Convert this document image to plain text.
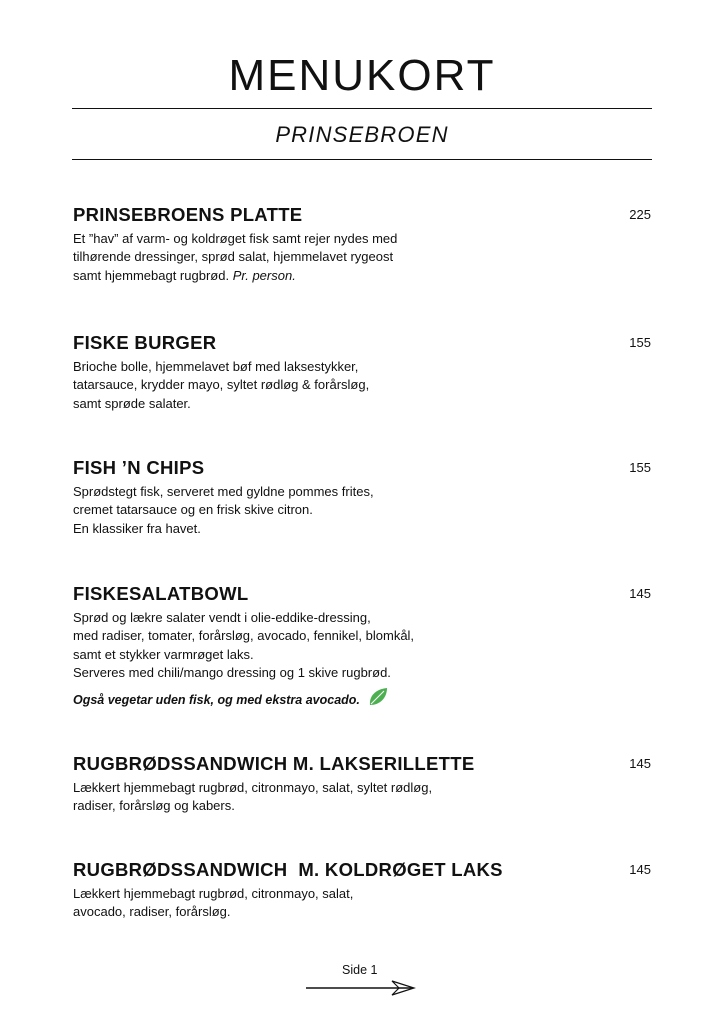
MENUKORT
PRINSEBROEN
PRINSEBROENS PLATTE	225
Et ”hav” af varm- og koldrøget fisk samt rejer nydes med
tilhørende dressinger, sprød salat, hjemmelavet rygeost
samt hjemmebagt rugbrød. Pr. person.
FISKE BURGER	155
Brioche bolle, hjemmelavet bøf med laksestykker,
tatarsauce, krydder mayo, syltet rødløg & forårsløg,
samt sprøde salater.
FISH ’N CHIPS	155
Sprødstegt fisk, serveret med gyldne pommes frites,
cremet tatarsauce og en frisk skive citron.
En klassiker fra havet.
FISKESALATBOWL	145
Sprød og lækre salater vendt i olie-eddike-dressing,
med radiser, tomater, forårsløg, avocado, fennikel, blomkål,
samt et stykker varmrøget laks.
Serveres med chili/mango dressing og 1 skive rugbrød.
Også vegetar uden fisk, og med ekstra avocado.
RUGBRØDSSANDWICH M. LAKSERILLETTE	145
Lækkert hjemmebagt rugbrød, citronmayo, salat, syltet rødløg,
radiser, forårsløg og kabers.
RUGBRØDSSANDWICH  M. KOLDRØGET LAKS	145
Lækkert hjemmebagt rugbrød, citronmayo, salat,
avocado, radiser, forårsløg.
Side 1
